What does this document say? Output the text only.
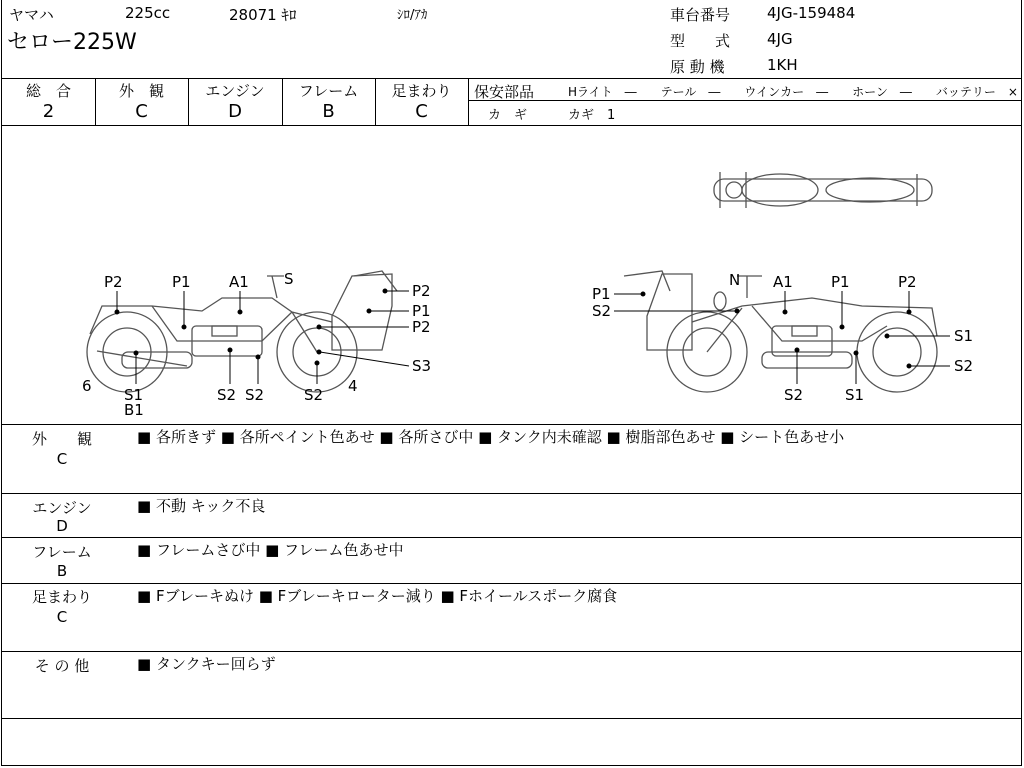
ヤマハ	225cc	28071 ｷﾛ	ｼﾛ/ｱｶ
セロー225W
車台番号 4JG-159484
型　　式 4JG
原 動 機	1KH
総　合
2
外　観
C
エンジン
D
フレーム
B
足まわり
C
保安部品	Hライト　―　　テール　―　　ウインカー　―　　ホーン　―　　バッテリー　×
カ　ギ	カギ　1
P2	P1	A1 S
P2
P1
P2
S3
6 S1
B1
S2 S2	S2 4
P1
S2
N A1	P1	P2
S1
S2
S2	S1
外　　観
C
■ 各所きず ■ 各所ペイント色あせ ■ 各所さび中 ■ タンク内未確認 ■ 樹脂部色あせ ■ シート色あせ小
エンジン
D
■ 不動 キック不良
フレーム
B
■ フレームさび中 ■ フレーム色あせ中
足まわり
C
■ Fブレーキぬけ ■ Fブレーキローター減り ■ Fホイールスポーク腐食
そ の 他	■ タンクキー回らず
